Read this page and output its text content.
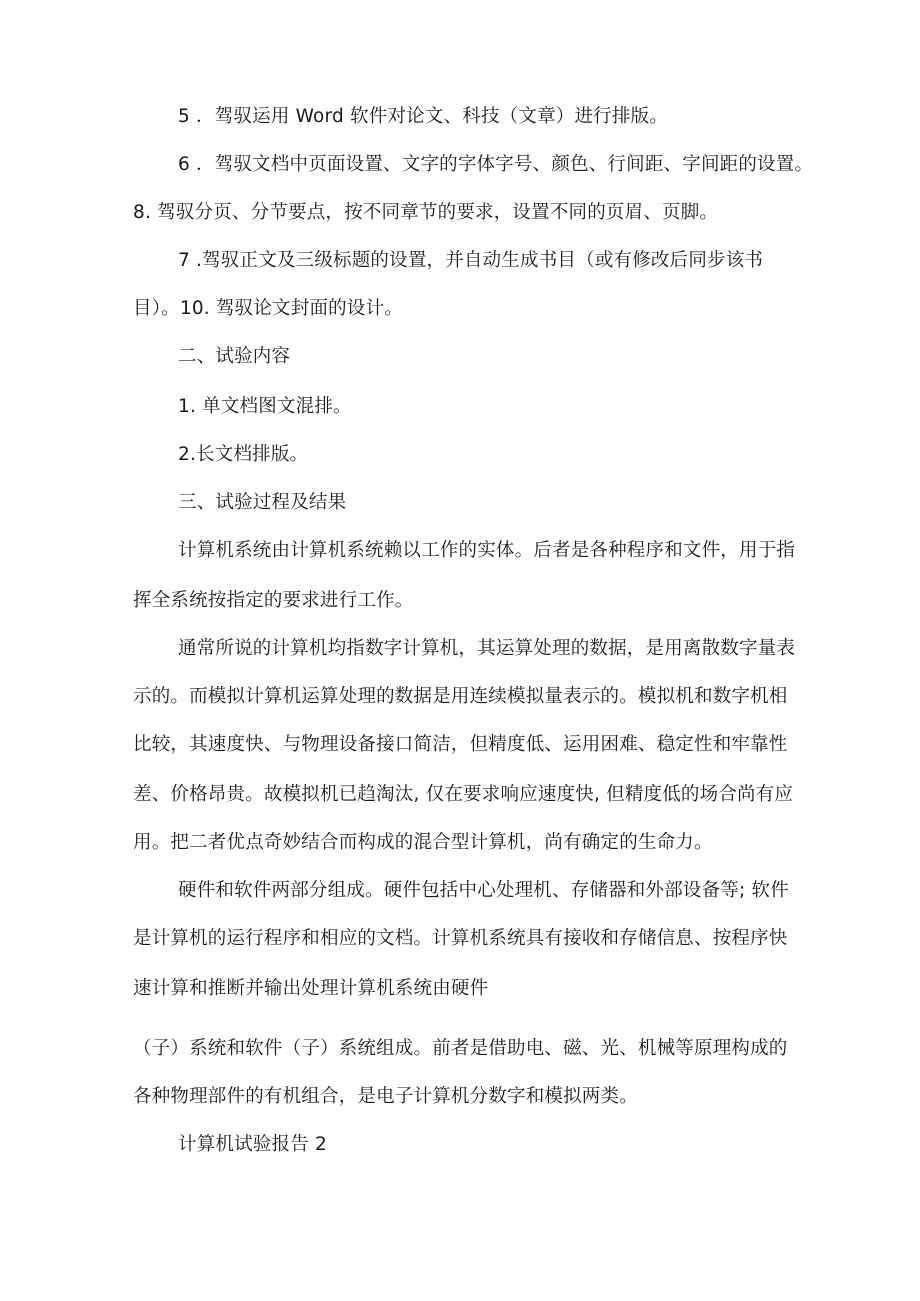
5 ．驾驭运用 Word 软件对论文、科技（文章）进行排版。
6 ．驾驭文档中页面设置、文字的字体字号、颜色、行间距、字间距的设置。
8. 驾驭分页、分节要点，按不同章节的要求，设置不同的页眉、页脚。
7 .驾驭正文及三级标题的设置，并自动生成书目（或有修改后同步该书
目）。10. 驾驭论文封面的设计。
二、试验内容
1. 单文档图文混排。
2.长文档排版。
三、试验过程及结果
计算机系统由计算机系统赖以工作的实体。后者是各种程序和文件，用于指
挥全系统按指定的要求进行工作。
通常所说的计算机均指数字计算机，其运算处理的数据，是用离散数字量表
示的。而模拟计算机运算处理的数据是用连续模拟量表示的。模拟机和数字机相
比较，其速度快、与物理设备接口简洁，但精度低、运用困难、稳定性和牢靠性
差、价格昂贵。故模拟机已趋淘汰, 仅在要求响应速度快, 但精度低的场合尚有应
用。把二者优点奇妙结合而构成的混合型计算机，尚有确定的生命力。
硬件和软件两部分组成。硬件包括中心处理机、存储器和外部设备等; 软件
是计算机的运行程序和相应的文档。计算机系统具有接收和存储信息、按程序快
速计算和推断并输出处理计算机系统由硬件
（子）系统和软件（子）系统组成。前者是借助电、磁、光、机械等原理构成的
各种物理部件的有机组合，是电子计算机分数字和模拟两类。
计算机试验报告 2
